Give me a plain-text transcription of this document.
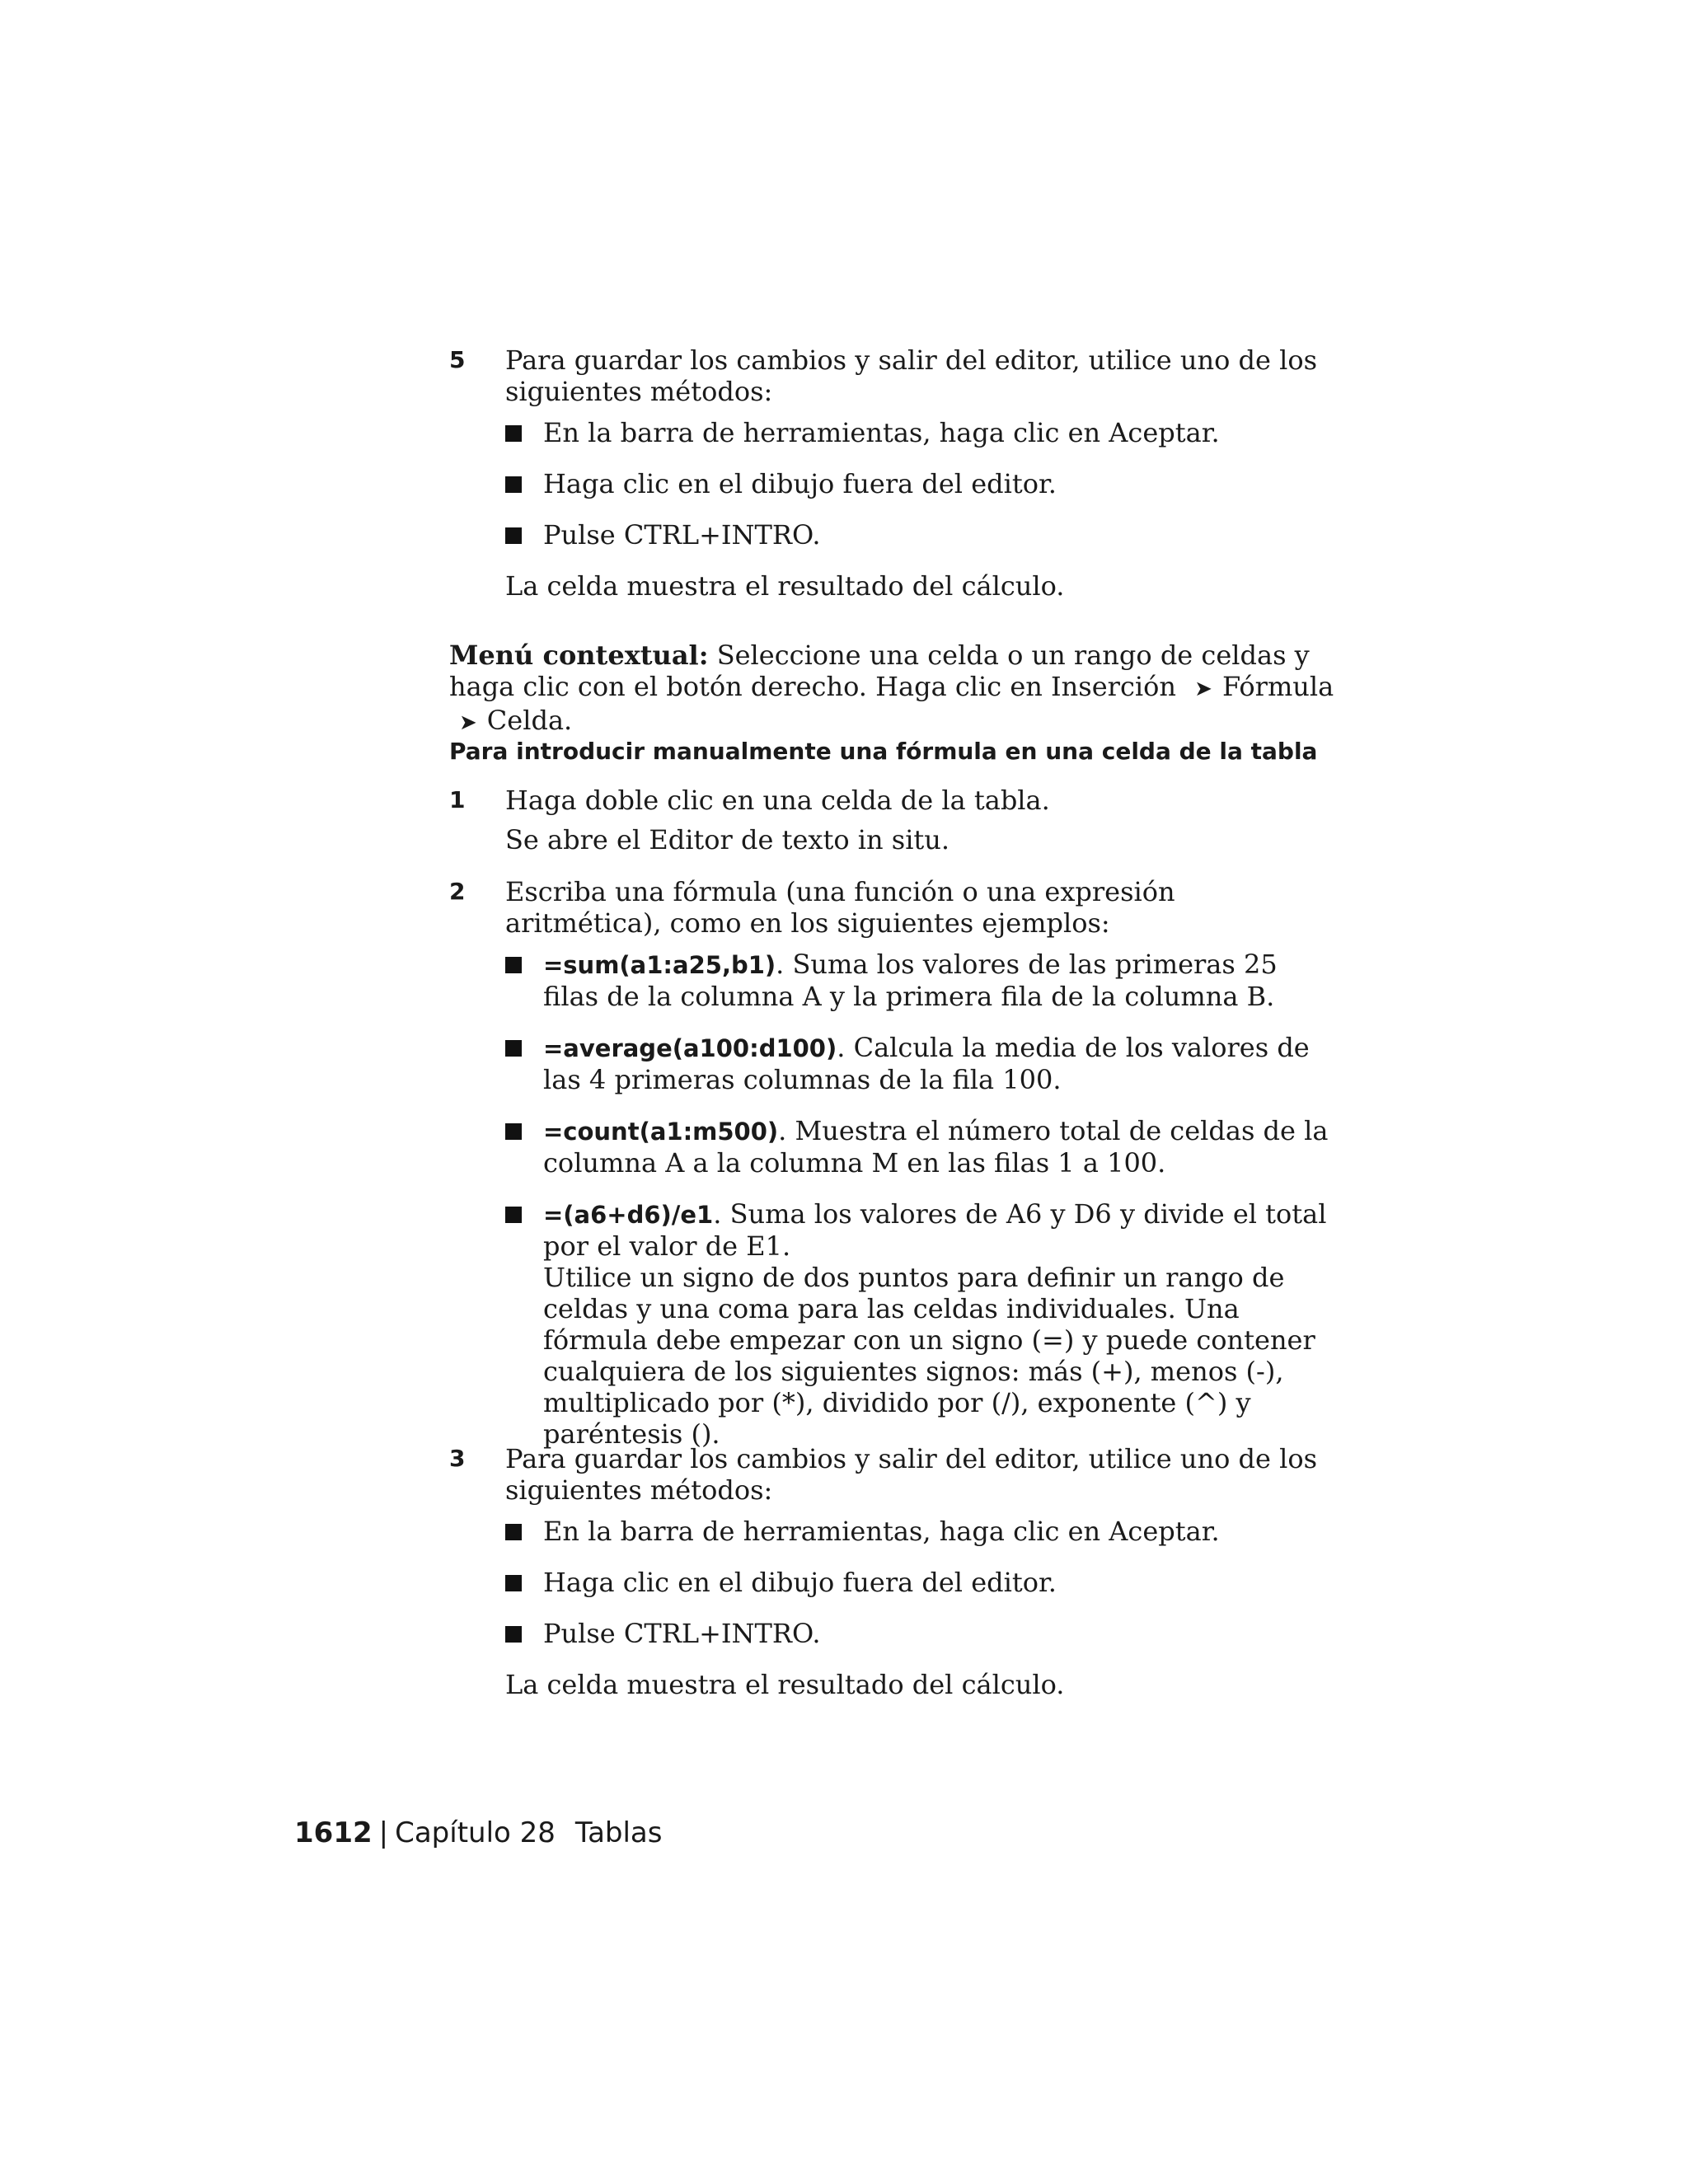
5	Para guardar los cambios y salir del editor, utilice uno de los siguientes métodos:
En la barra de herramientas, haga clic en Aceptar.
Haga clic en el dibujo fuera del editor.
Pulse CTRL+INTRO.
La celda muestra el resultado del cálculo.
Menú contextual: Seleccione una celda o un rango de celdas y haga clic con el botón derecho. Haga clic en Inserción ➤ Fórmula ➤ Celda.
Para introducir manualmente una fórmula en una celda de la tabla
1	Haga doble clic en una celda de la tabla.
Se abre el Editor de texto in situ.
2	Escriba una fórmula (una función o una expresión aritmética), como en los siguientes ejemplos:
=sum(a1:a25,b1). Suma los valores de las primeras 25 filas de la columna A y la primera fila de la columna B.
=average(a100:d100). Calcula la media de los valores de las 4 primeras columnas de la fila 100.
=count(a1:m500). Muestra el número total de celdas de la columna A a la columna M en las filas 1 a 100.
=(a6+d6)/e1. Suma los valores de A6 y D6 y divide el total por el valor de E1.
Utilice un signo de dos puntos para definir un rango de celdas y una coma para las celdas individuales. Una fórmula debe empezar con un signo (=) y puede contener cualquiera de los siguientes signos: más (+), menos (-), multiplicado por (*), dividido por (/), exponente (^) y paréntesis ().
3	Para guardar los cambios y salir del editor, utilice uno de los siguientes métodos:
En la barra de herramientas, haga clic en Aceptar.
Haga clic en el dibujo fuera del editor.
Pulse CTRL+INTRO.
La celda muestra el resultado del cálculo.
1612 | Capítulo 28 Tablas
